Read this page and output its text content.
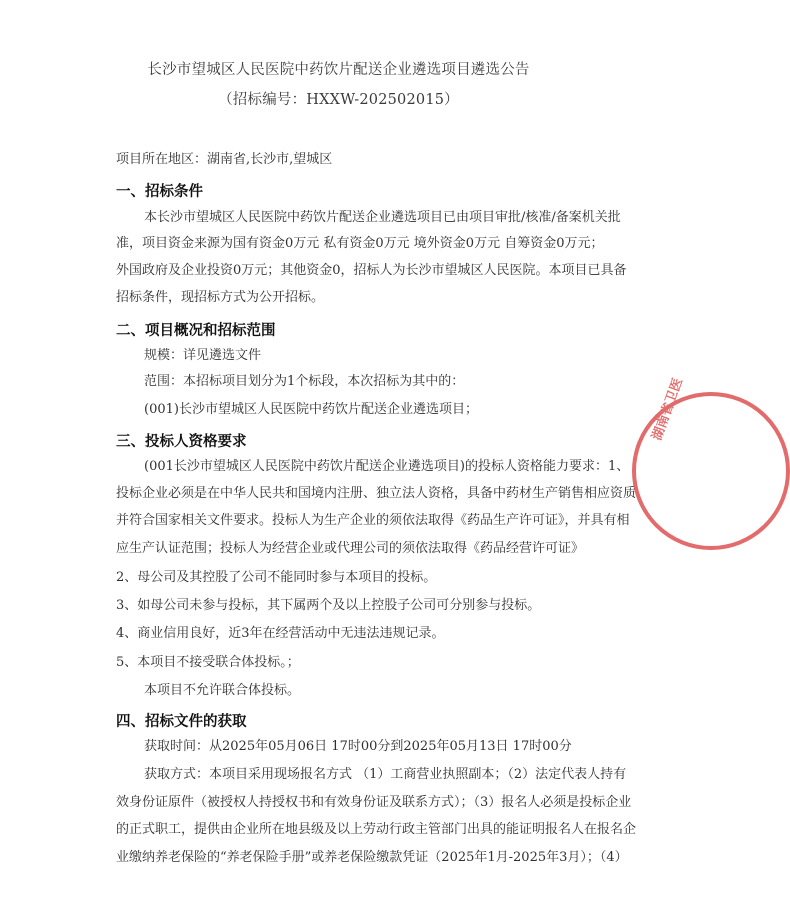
长沙市望城区人民医院中药饮片配送企业遴选项目遴选公告
（招标编号：HXXW-202502015）
项目所在地区：湖南省,长沙市,望城区
一、招标条件
本长沙市望城区人民医院中药饮片配送企业遴选项目已由项目审批/核准/备案机关批
准，项目资金来源为国有资金0万元 私有资金0万元 境外资金0万元 自筹资金0万元；
外国政府及企业投资0万元；其他资金0，招标人为长沙市望城区人民医院。本项目已具备
招标条件，现招标方式为公开招标。
二、项目概况和招标范围
规模：详见遴选文件
范围：本招标项目划分为1个标段，本次招标为其中的：
(001)长沙市望城区人民医院中药饮片配送企业遴选项目；
三、投标人资格要求
(001长沙市望城区人民医院中药饮片配送企业遴选项目)的投标人资格能力要求：1、
投标企业必须是在中华人民共和国境内注册、独立法人资格，具备中药材生产销售相应资质
并符合国家相关文件要求。投标人为生产企业的须依法取得《药品生产许可证》，并具有相
应生产认证范围；投标人为经营企业或代理公司的须依法取得《药品经营许可证》
2、母公司及其控股了公司不能同时参与本项目的投标。
3、如母公司未参与投标，其下属两个及以上控股子公司可分别参与投标。
4、商业信用良好，近3年在经营活动中无违法违规记录。
5、本项目不接受联合体投标。；
本项目不允许联合体投标。
四、招标文件的获取
获取时间：从2025年05月06日 17时00分到2025年05月13日 17时00分
获取方式：本项目采用现场报名方式 （1）工商营业执照副本；（2）法定代表人持有
效身份证原件（被授权人持授权书和有效身份证及联系方式）；（3）报名人必须是投标企业
的正式职工，提供由企业所在地县级及以上劳动行政主管部门出具的能证明报名人在报名企
业缴纳养老保险的“养老保险手册”或养老保险缴款凭证（2025年1月-2025年3月）；（4）
湖南省卫医
